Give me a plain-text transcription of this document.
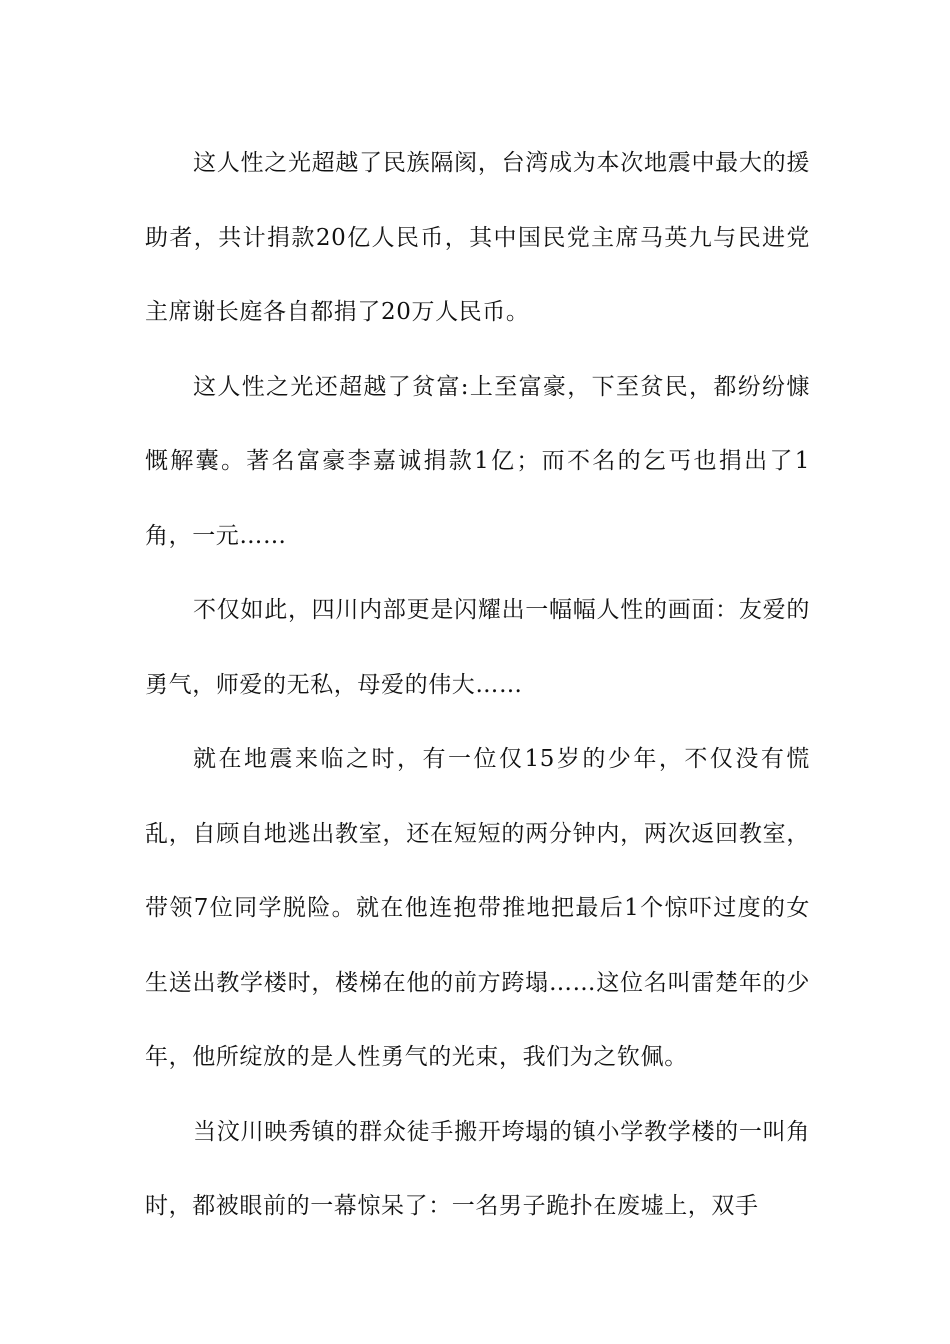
这人性之光超越了民族隔阂，台湾成为本次地震中最大的援助者，共计捐款20亿人民币，其中国民党主席马英九与民进党主席谢长庭各自都捐了20万人民币。

这人性之光还超越了贫富:上至富豪，下至贫民，都纷纷慷慨解囊。著名富豪李嘉诚捐款1亿；而不名的乞丐也捐出了1角，一元……

不仅如此，四川内部更是闪耀出一幅幅人性的画面：友爱的勇气，师爱的无私，母爱的伟大……

就在地震来临之时，有一位仅15岁的少年，不仅没有慌乱，自顾自地逃出教室，还在短短的两分钟内，两次返回教室，带领7位同学脱险。就在他连抱带推地把最后1个惊吓过度的女生送出教学楼时，楼梯在他的前方跨塌……这位名叫雷楚年的少年，他所绽放的是人性勇气的光束，我们为之钦佩。

当汶川映秀镇的群众徒手搬开垮塌的镇小学教学楼的一叫角时，都被眼前的一幕惊呆了：一名男子跪扑在废墟上，双手
